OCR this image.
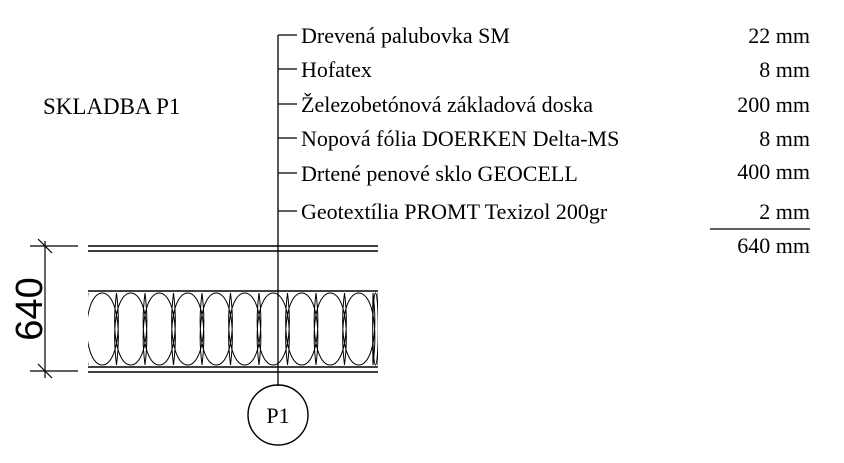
SKLADBA P1
Drevená palubovka SM	22 mm
Hofatex	8 mm
Železobetónová základová doska	200 mm
Nopová fólia DOERKEN Delta-MS	8 mm
Drtené penové sklo GEOCELL	400 mm
Geotextília PROMT Texizol 200gr	2 mm
640 mm
640
P1
